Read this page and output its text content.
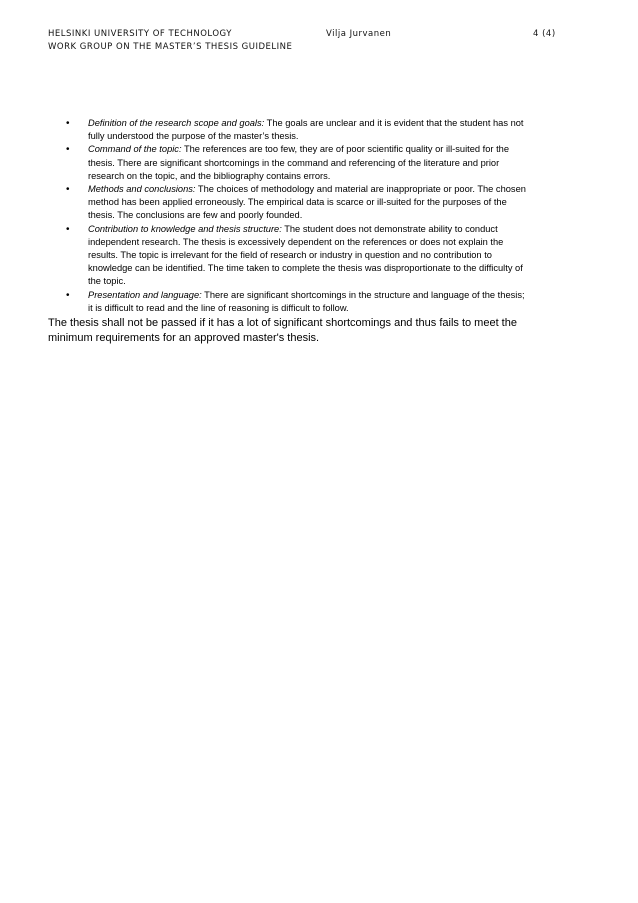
HELSINKI UNIVERSITY OF TECHNOLOGY	Vilja Jurvanen	4 (4)
WORK GROUP ON THE MASTER’S THESIS GUIDELINE
• Definition of the research scope and goals: The goals are unclear and it is evident that the student has not
fully understood the purpose of the master’s thesis.
• Command of the topic: The references are too few, they are of poor scientific quality or ill-suited for the
thesis. There are significant shortcomings in the command and referencing of the literature and prior
research on the topic, and the bibliography contains errors.
• Methods and conclusions: The choices of methodology and material are inappropriate or poor. The chosen
method has been applied erroneously. The empirical data is scarce or ill-suited for the purposes of the
thesis. The conclusions are few and poorly founded.
• Contribution to knowledge and thesis structure: The student does not demonstrate ability to conduct
independent research. The thesis is excessively dependent on the references or does not explain the
results. The topic is irrelevant for the field of research or industry in question and no contribution to
knowledge can be identified. The time taken to complete the thesis was disproportionate to the difficulty of
the topic.
• Presentation and language: There are significant shortcomings in the structure and language of the thesis;
it is difficult to read and the line of reasoning is difficult to follow.
The thesis shall not be passed if it has a lot of significant shortcomings and thus fails to meet the
minimum requirements for an approved master's thesis.
